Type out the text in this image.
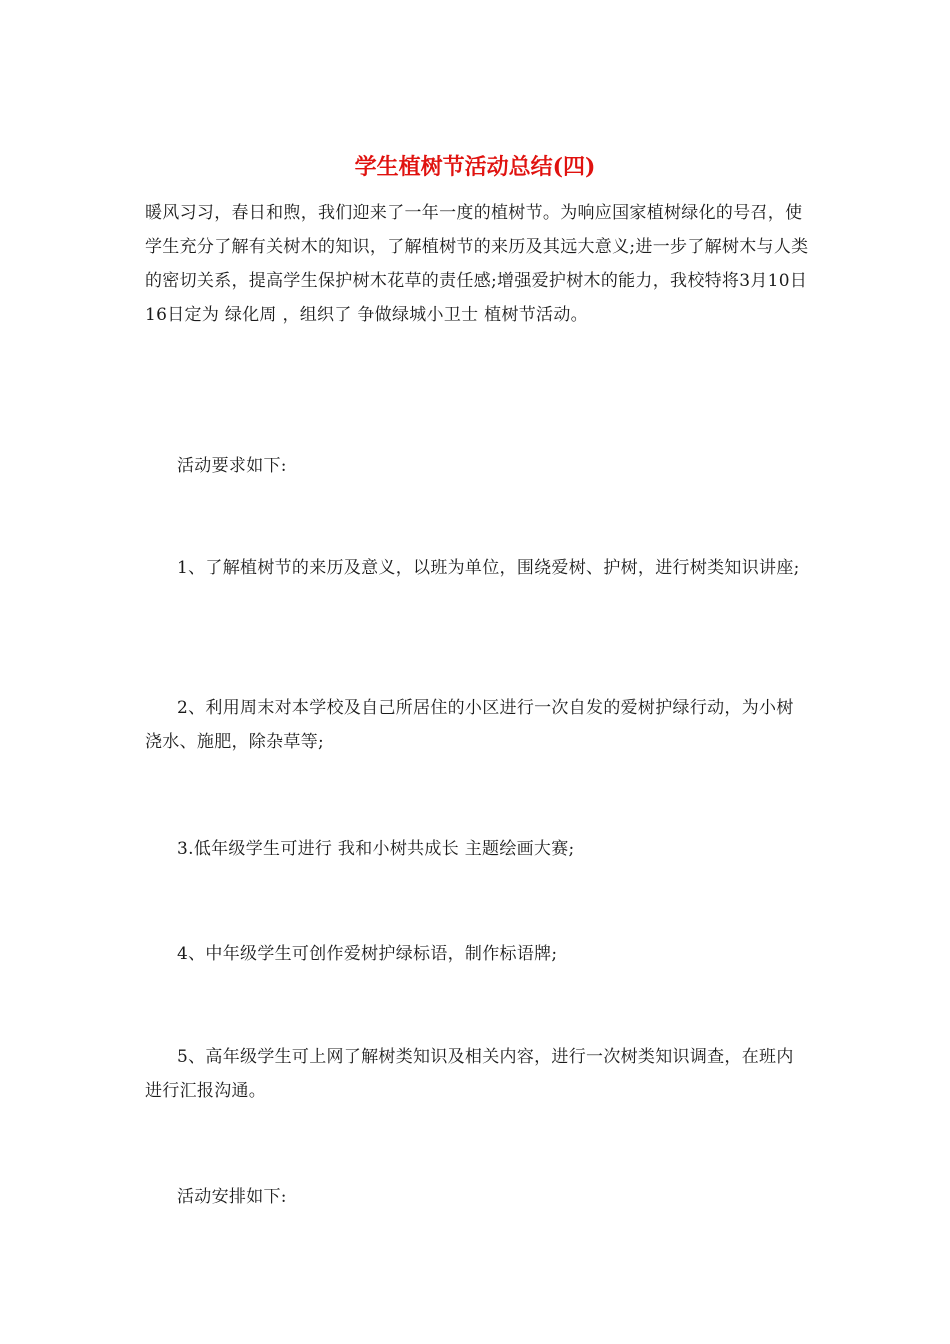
学生植树节活动总结(四)

暖风习习，春日和煦，我们迎来了一年一度的植树节。为响应国家植树绿化的号召，使学生充分了解有关树木的知识，了解植树节的来历及其远大意义;进一步了解树木与人类的密切关系，提高学生保护树木花草的责任感;增强爱护树木的能力，我校特将3月10日 16日定为 绿化周 ，组织了 争做绿城小卫士 植树节活动。

活动要求如下:

1、了解植树节的来历及意义，以班为单位，围绕爱树、护树，进行树类知识讲座;

2、利用周末对本学校及自己所居住的小区进行一次自发的爱树护绿行动，为小树浇水、施肥，除杂草等;

3.低年级学生可进行 我和小树共成长 主题绘画大赛;

4、中年级学生可创作爱树护绿标语，制作标语牌;

5、高年级学生可上网了解树类知识及相关内容，进行一次树类知识调查，在班内进行汇报沟通。

活动安排如下:
